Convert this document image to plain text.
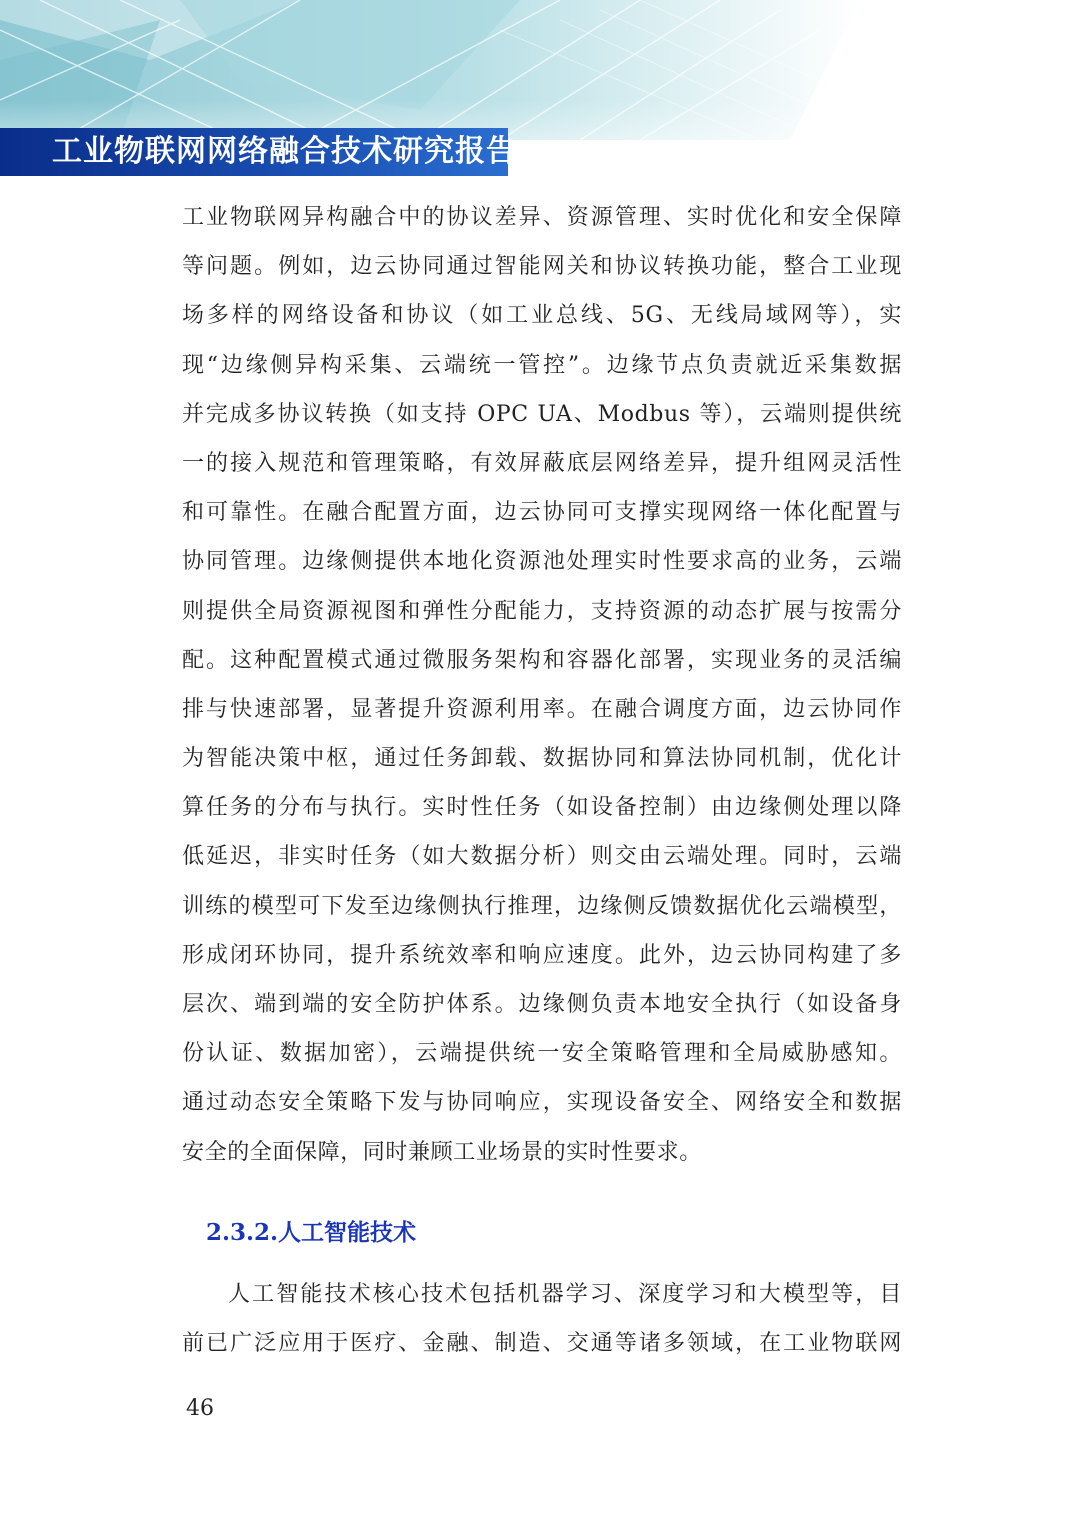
工业物联网网络融合技术研究报告
工业物联网异构融合中的协议差异、资源管理、实时优化和安全保障
等问题。例如，边云协同通过智能网关和协议转换功能，整合工业现
场多样的网络设备和协议（如工业总线、5G、无线局域网等），实
现“边缘侧异构采集、云端统一管控”。边缘节点负责就近采集数据
并完成多协议转换（如支持 OPC UA、Modbus 等），云端则提供统
一的接入规范和管理策略，有效屏蔽底层网络差异，提升组网灵活性
和可靠性。在融合配置方面，边云协同可支撑实现网络一体化配置与
协同管理。边缘侧提供本地化资源池处理实时性要求高的业务，云端
则提供全局资源视图和弹性分配能力，支持资源的动态扩展与按需分
配。这种配置模式通过微服务架构和容器化部署，实现业务的灵活编
排与快速部署，显著提升资源利用率。在融合调度方面，边云协同作
为智能决策中枢，通过任务卸载、数据协同和算法协同机制，优化计
算任务的分布与执行。实时性任务（如设备控制）由边缘侧处理以降
低延迟，非实时任务（如大数据分析）则交由云端处理。同时，云端
训练的模型可下发至边缘侧执行推理，边缘侧反馈数据优化云端模型，
形成闭环协同，提升系统效率和响应速度。此外，边云协同构建了多
层次、端到端的安全防护体系。边缘侧负责本地安全执行（如设备身
份认证、数据加密），云端提供统一安全策略管理和全局威胁感知。
通过动态安全策略下发与协同响应，实现设备安全、网络安全和数据
安全的全面保障，同时兼顾工业场景的实时性要求。
2.3.2.人工智能技术
人工智能技术核心技术包括机器学习、深度学习和大模型等，目
前已广泛应用于医疗、金融、制造、交通等诸多领域，在工业物联网
46
